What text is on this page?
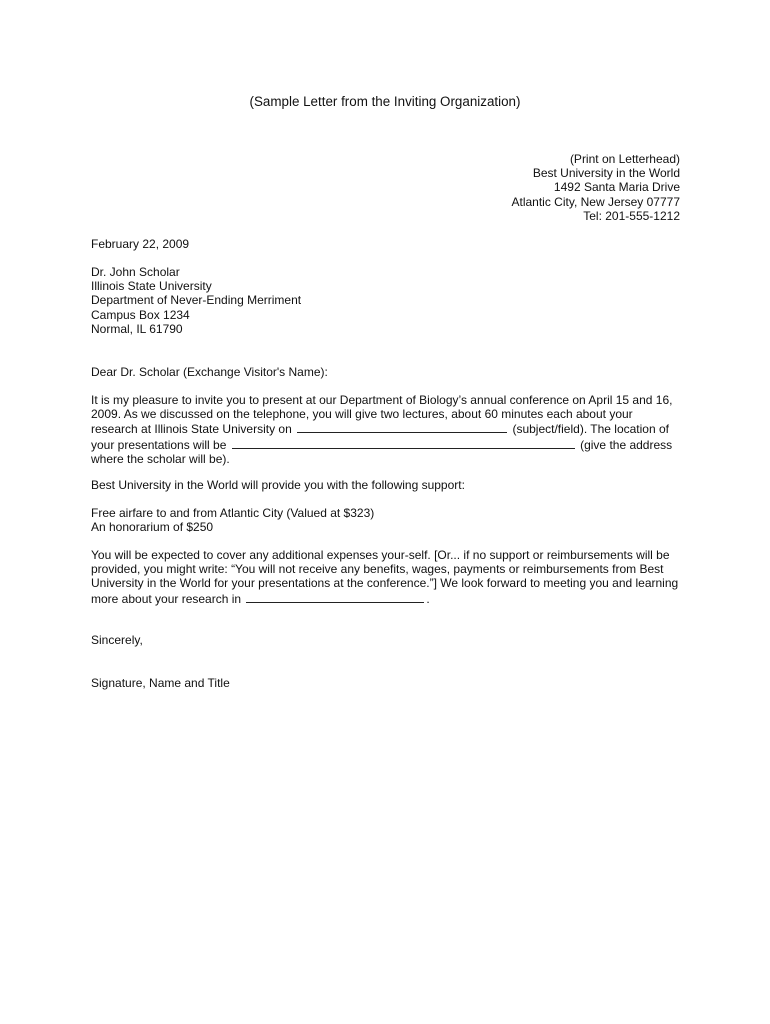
(Sample Letter from the Inviting Organization)
(Print on Letterhead)
Best University in the World
1492 Santa Maria Drive
Atlantic City, New Jersey 07777
Tel: 201-555-1212
February 22, 2009
Dr. John Scholar
Illinois State University
Department of Never-Ending Merriment
Campus Box 1234
Normal, IL 61790
Dear Dr. Scholar (Exchange Visitor's Name):
It is my pleasure to invite you to present at our Department of Biology’s annual conference on April 15 and 16,
2009. As we discussed on the telephone, you will give two lectures, about 60 minutes each about your
research at Illinois State University on	(subject/field). The location of
your presentations will be	(give the address
where the scholar will be).
Best University in the World will provide you with the following support:
Free airfare to and from Atlantic City (Valued at $323)
An honorarium of $250
You will be expected to cover any additional expenses your-self. [Or... if no support or reimbursements will be
provided, you might write: “You will not receive any benefits, wages, payments or reimbursements from Best
University in the World for your presentations at the conference.”] We look forward to meeting you and learning
more about your research in	.
Sincerely,
Signature, Name and Title
